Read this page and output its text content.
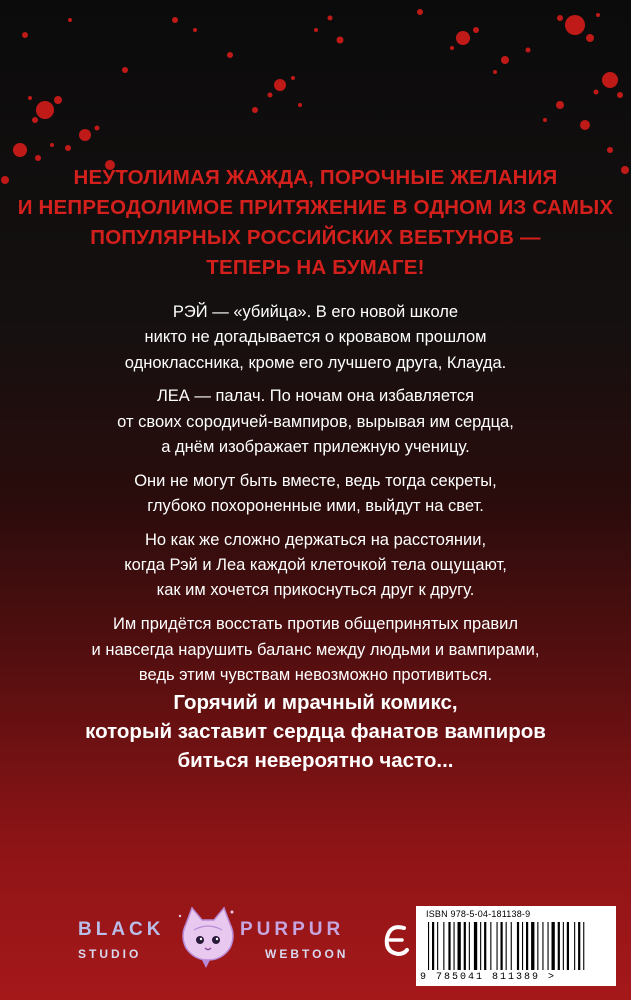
НЕУТОЛИМАЯ ЖАЖДА, ПОРОЧНЫЕ ЖЕЛАНИЯ
И НЕПРЕОДОЛИМОЕ ПРИТЯЖЕНИЕ В ОДНОМ ИЗ САМЫХ
ПОПУЛЯРНЫХ РОССИЙСКИХ ВЕБТУНОВ —
ТЕПЕРЬ НА БУМАГЕ!

РЭЙ — «убийца». В его новой школе
никто не догадывается о кровавом прошлом
одноклассника, кроме его лучшего друга, Клауда.

ЛЕА — палач. По ночам она избавляется
от своих сородичей-вампиров, вырывая им сердца,
а днём изображает прилежную ученицу.

Они не могут быть вместе, ведь тогда секреты,
глубоко похороненные ими, выйдут на свет.

Но как же сложно держаться на расстоянии,
когда Рэй и Леа каждой клеточкой тела ощущают,
как им хочется прикоснуться друг к другу.

Им придётся восстать против общепринятых правил
и навсегда нарушить баланс между людьми и вампирами,
ведь этим чувствам невозможно противиться.

Горячий и мрачный комикс,
который заставит сердца фанатов вампиров
биться невероятно часто...
BLACK	PURPUR
STUDIO	WEBTOON
ISBN 978-5-04-181138-9
9 785041 811389 >
